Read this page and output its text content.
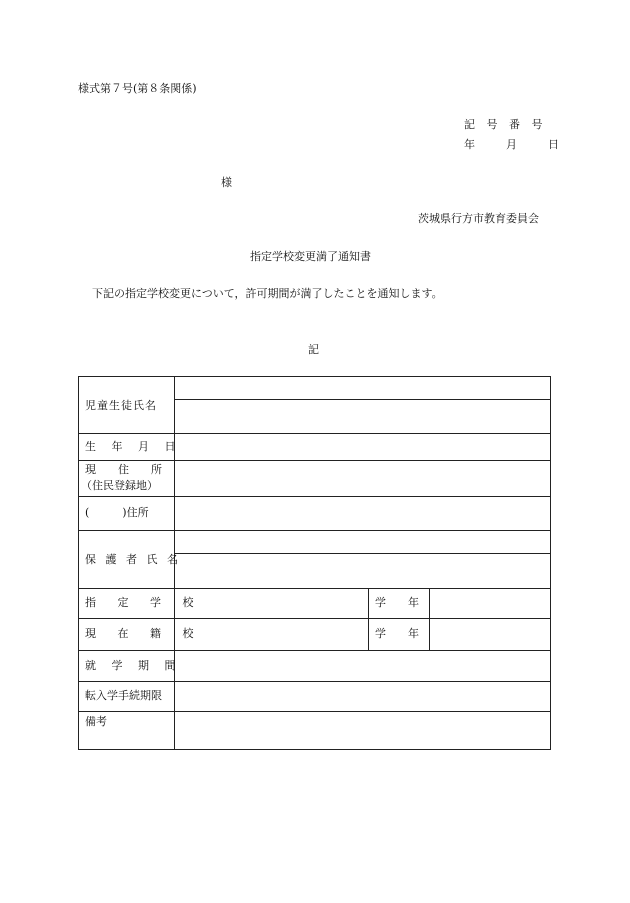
様式第７号(第８条関係)
記 号 番 号
年　　月　　日
様
茨城県行方市教育委員会
指定学校変更満了通知書
下記の指定学校変更について，許可期間が満了したことを通知します。
記
児童生徒氏名
生 年 月 日
現　　住　　所
（住民登録地）
(　　　)住所
保 護 者 氏 名
指 定 学 校	学　　年
現 在 籍 校	学　　年
就 学 期 間
転入学手続期限
備考
